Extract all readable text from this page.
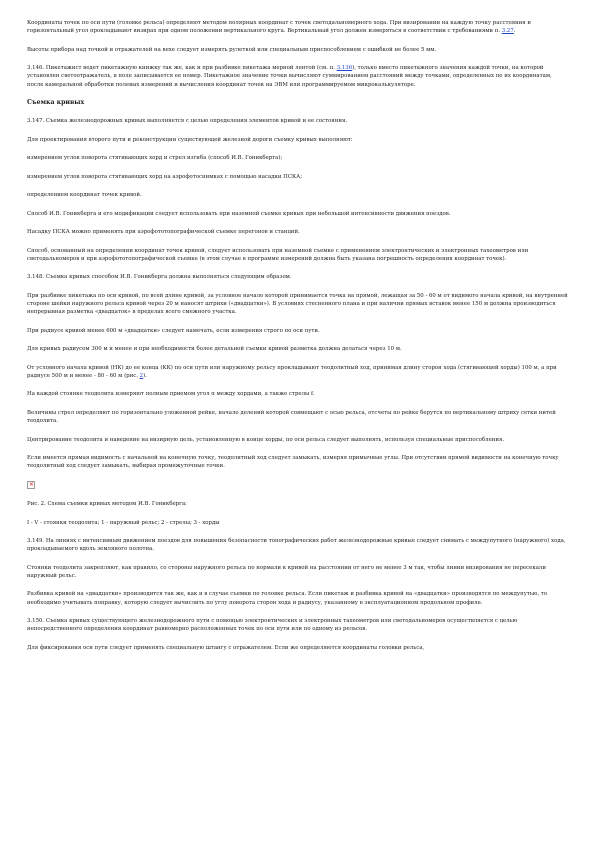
Координаты точек по оси пути (головке рельса) определяют методом полярных координат с точек светодальномерного хода. При визировании на каждую точку расстояния и горизонтальный угол прокладывают визирах при одном положении вертикального круга. Вертикальный угол должен измеряться в соответствии с требованиями п. 3.27.

Высоты прибора над точкой и отражателей на вехе следует измерять рулеткой или специальным приспособлением с ошибкой не более 5 мм.

3.146. Пикетажист ведет пикетажную книжку так же, как и при разбивке пикетажа мерной лентой (см. п. 3.136), только вместо пикетажного значения каждой точки, на которой установлен светоотражатель, в поле записывается ее номер. Пикетажное значение точки вычисляют суммированием расстояний между точками, определенных по их координатам, после камеральной обработки полевых измерений и вычисления координат точек на ЭВМ или программируемом микрокалькуляторе.

Съемка кривых

3.147. Съемка железнодорожных кривых выполняется с целью определения элементов кривой и ее состояния.

Для проектирования второго пути и реконструкции существующей железной дороги съемку кривых выполняют:

измерением углов поворота стягивающих хорд и стрел изгиба (способ И.В. Гоникберга);

измерением углов поворота стягивающих хорд на аэрофотоснимках с помощью насадки ПСКА;

определением координат точек кривой.

Способ И.В. Гоникберга и его модификации следует использовать при наземной съемке кривых при небольшой интенсивности движения поездов.

Насадку ПСКА можно применять при аэрофототопографической съемке перегонов и станций.

Способ, основанный на определении координат точек кривой, следует использовать при наземной съемке с применением электронтических и электронных тахеометров или светодальномеров и при аэрофототопографической съемке (в этом случае в программе измерений должна быть указана погрешность определения координат точек).

3.148. Съемка кривых способом И.В. Гоникберга должна выполняться следующим образом.

При разбивке пикетажа по оси кривой, по всей длине кривой, за условное начало которой принимается точка на прямой, лежащая за 50 - 60 м от видимого начала кривой, на внутренней стороне шейки наружного рельса кривой через 20 м наносят штрихи («двадцатки»). В условиях стесненного плана и при наличии прямых вставок менее 150 м должна производиться непрерывная разметка «двадцаток» в пределах всего смежного участка.

При радиусе кривой менее 600 м «двадцатки» следует намечать, если измерения строго по оси пути.

Для кривых радиусом 300 м и менее и при необходимости более детальной съемки кривой разметка должна делаться через 10 м.

От условного начала кривой (НК) до ее конца (КК) по оси пути или наружному рельсу прокладывают теодолитный ход, принимая длину сторон хода (стягивающей хорды) 100 м, а при радиусе 500 м и менее - 80 - 60 м (рис. 2).

На каждой стоянке теодолита измеряют полным приемом угол α между хордами, а также стрелы f.

Величины стрел определяют по горизонтально уложенной рейке, начало делений которой совмещают с осью рельса, отсчеты по рейке берутся по вертикальному штриху сетки нитей теодолита.

Центрирование теодолита и наведение на визирную цель, установленную в конце хорды, по оси рельса следует выполнять, используя специальные приспособления.

Если имеется прямая видимость с начальной на конечную точку, теодолитный ход следует замыкать, измеряя примычные углы. При отсутствии прямой видимости на конечную точку теодолитный ход следует замыкать, выбирая промежуточные точки.

×

Рис. 2. Схема съемки кривых методом И.В. Гоникберга:

I - V - стоянки теодолита; 1 - наружный рельс; 2 - стрелы; 3 - хорды

3.149. На линиях с интенсивным движением поездов для повышения безопасности топографических работ железнодорожные кривые следует снимать с междупутного (наружного) хода, прокладываемого вдоль земляного полотна.

Стоянки теодолита закрепляют, как правило, со стороны наружного рельса по нормали к кривой на расстоянии от него не менее 3 м так, чтобы линии визирования не пересекали наружный рельс.

Разбивка кривой на «двадцатки» производится так же, как и в случае съемки по головке рельса. Если пикетаж и разбивка кривой на «двадцатки» производятся по междупутью, то необходимо учитывать поправку, которую следует вычислить по углу поворота сторон хода и радиусу, указанному в эксплуатационном продольном профиле.

3.150. Съемка кривых существующего железнодорожного пути с помощью электронтических и электронных тахеометров или светодальномеров осуществляется с целью непосредственного определения координат равномерно расположенных точек по оси пути или по одному из рельсов.

Для фиксирования оси пути следует применять специальную штангу с отражателем. Если же определяются координаты головки рельса,
